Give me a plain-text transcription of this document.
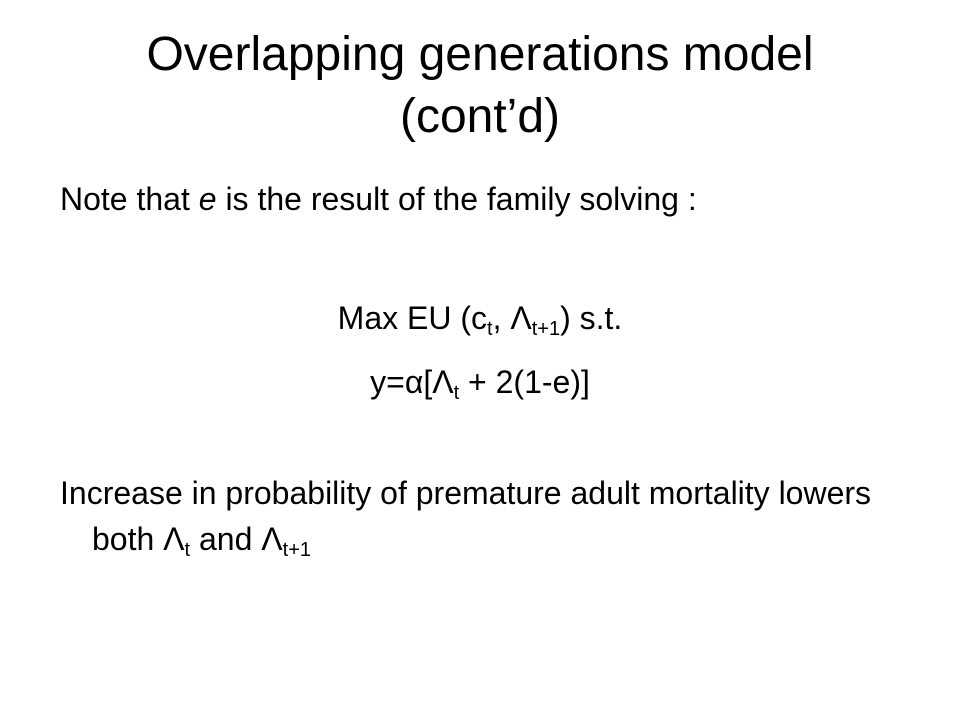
Overlapping generations model
(cont’d)
Note that e is the result of the family solving :
Max EU ($c_t$, $\Lambda_{t+1}$) s.t.
$y=\alpha[\Lambda_t + 2(1-e)]$
Increase in probability of premature adult mortality lowers both $\Lambda_t$ and $\Lambda_{t+1}$
